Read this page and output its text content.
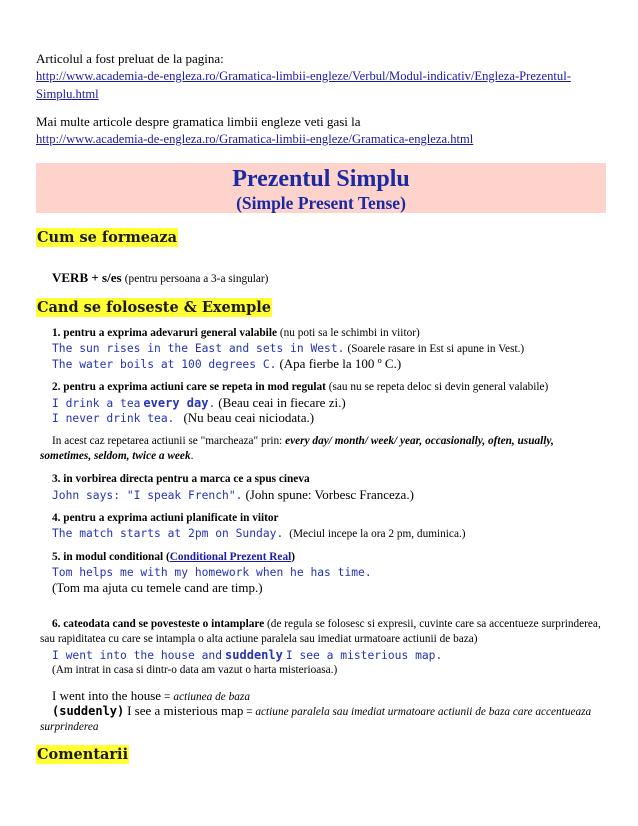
Articolul a fost preluat de la pagina:
http://www.academia-de-engleza.ro/Gramatica-limbii-engleze/Verbul/Modul-indicativ/Engleza-Prezentul-
Simplu.html
Mai multe articole despre gramatica limbii engleze veti gasi la
http://www.academia-de-engleza.ro/Gramatica-limbii-engleze/Gramatica-engleza.html
Prezentul Simplu
(Simple Present Tense)
Cum se formeaza
VERB + s/es (pentru persoana a 3-a singular)
Cand se foloseste & Exemple
1. pentru a exprima adevaruri general valabile (nu poti sa le schimbi in viitor)
The sun rises in the East and sets in West. (Soarele rasare in Est si apune in Vest.)
The water boils at 100 degrees C. (Apa fierbe la 100 º C.)
2. pentru a exprima actiuni care se repeta in mod regulat (sau nu se repeta deloc si devin general valabile)
I drink a tea every day. (Beau ceai in fiecare zi.)
I never drink tea. (Nu beau ceai niciodata.)
In acest caz repetarea actiunii se "marcheaza" prin: every day/ month/ week/ year, occasionally, often, usually, sometimes, seldom, twice a week.
3. in vorbirea directa pentru a marca ce a spus cineva
John says: "I speak French". (John spune: Vorbesc Franceza.)
4. pentru a exprima actiuni planificate in viitor
The match starts at 2pm on Sunday. (Meciul incepe la ora 2 pm, duminica.)
5. in modul conditional (Conditional Prezent Real)
Tom helps me with my homework when he has time.
(Tom ma ajuta cu temele cand are timp.)
6. cateodata cand se povesteste o intamplare (de regula se folosesc si expresii, cuvinte care sa accentueze surprinderea, sau rapiditatea cu care se intampla o alta actiune paralela sau imediat urmatoare actiunii de baza)
I went into the house and suddenly I see a misterious map.
(Am intrat in casa si dintr-o data am vazut o harta misterioasa.)
I went into the house = actiunea de baza
(suddenly) I see a misterious map = actiune paralela sau imediat urmatoare actiunii de baza care accentueaza surprinderea
Comentarii
